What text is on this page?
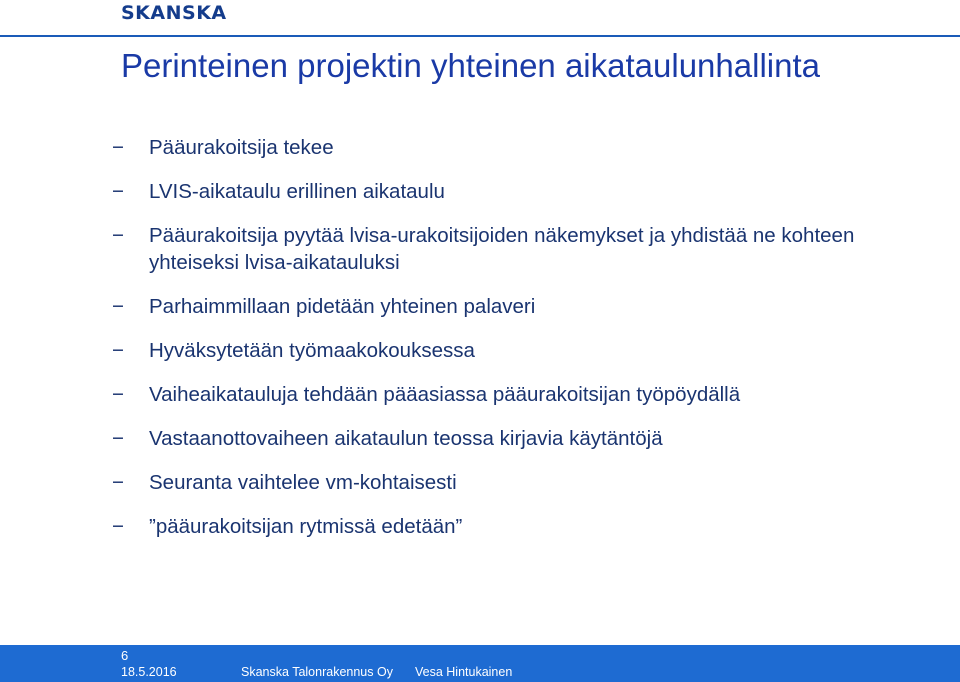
SKANSKA
Perinteinen projektin yhteinen aikataulunhallinta
− Pääurakoitsija tekee
− LVIS-aikataulu erillinen aikataulu
− Pääurakoitsija pyytää lvisa-urakoitsijoiden näkemykset ja yhdistää ne kohteen yhteiseksi lvisa-aikatauluksi
− Parhaimmillaan pidetään yhteinen palaveri
− Hyväksytetään työmaakokouksessa
− Vaiheaikatauluja tehdään pääasiassa pääurakoitsijan työpöydällä
− Vastaanottovaiheen aikataulun teossa kirjavia käytäntöjä
− Seuranta vaihtelee vm-kohtaisesti
− ”pääurakoitsijan rytmissä edetään”
6
18.5.2016	Skanska Talonrakennus Oy Vesa Hintukainen
